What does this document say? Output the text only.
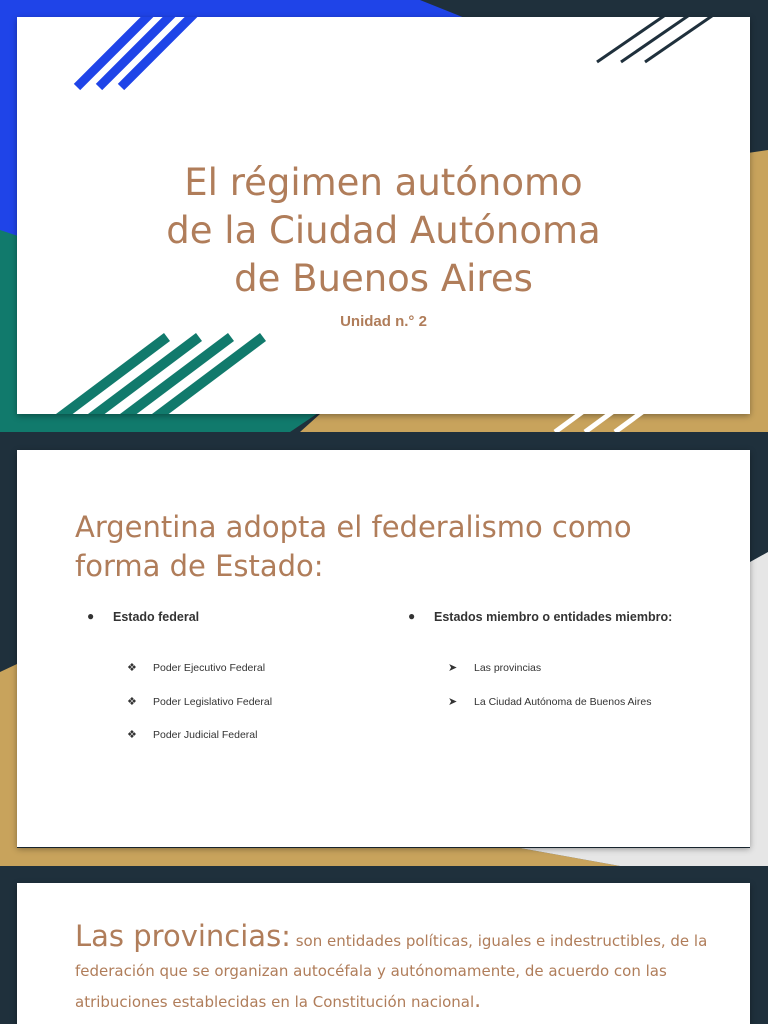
El régimen autónomo
de la Ciudad Autónoma
de Buenos Aires
Unidad n.° 2
Argentina adopta el federalismo como
forma de Estado:
● Estado federal
❖ Poder Ejecutivo Federal
❖ Poder Legislativo Federal
❖ Poder Judicial Federal
● Estados miembro o entidades miembro:
➤ Las provincias
➤ La Ciudad Autónoma de Buenos Aires
Las provincias: son entidades políticas, iguales e indestructibles, de la federación que se organizan autocéfala y autónomamente, de acuerdo con las atribuciones establecidas en la Constitución nacional.
